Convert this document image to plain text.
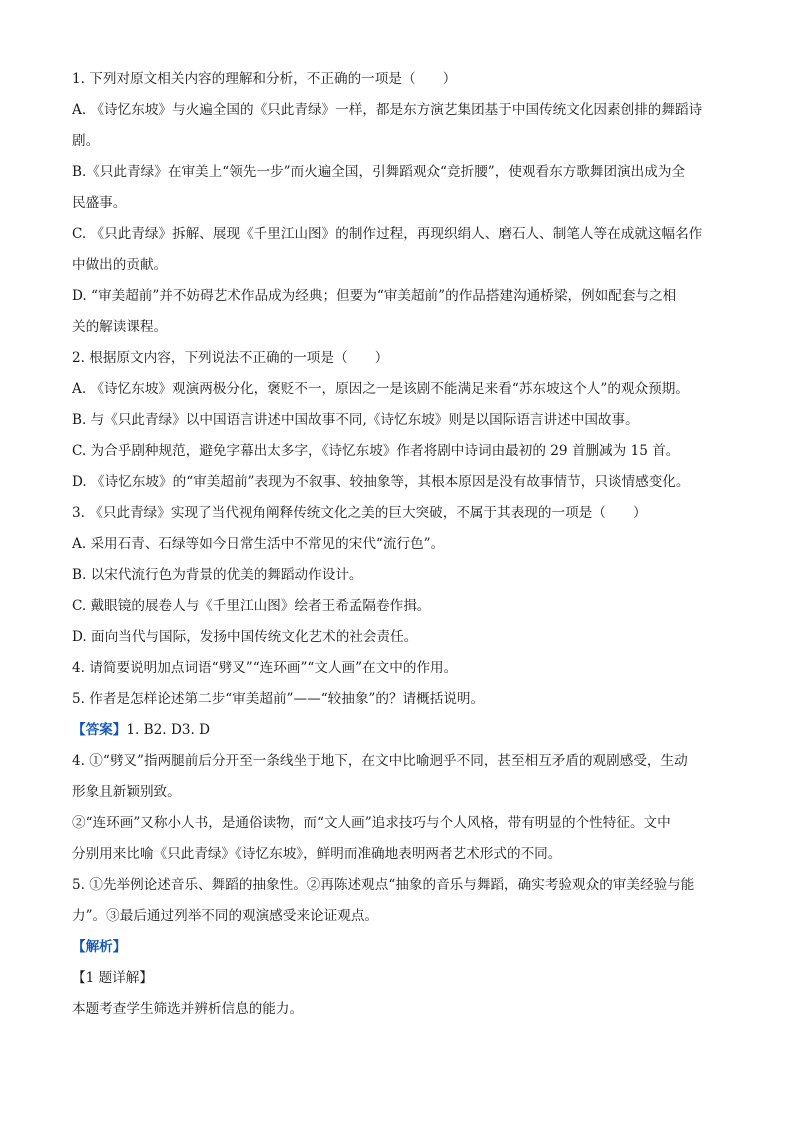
1. 下列对原文相关内容的理解和分析，不正确的一项是（　　）
A. 《诗忆东坡》与火遍全国的《只此青绿》一样，都是东方演艺集团基于中国传统文化因素创排的舞蹈诗
剧。
B.《只此青绿》在审美上“领先一步”而火遍全国，引舞蹈观众“竞折腰”，使观看东方歌舞团演出成为全
民盛事。
C. 《只此青绿》拆解、展现《千里江山图》的制作过程，再现织绢人、磨石人、制笔人等在成就这幅名作
中做出的贡献。
D. “审美超前”并不妨碍艺术作品成为经典；但要为“审美超前”的作品搭建沟通桥梁，例如配套与之相
关的解读课程。
2. 根据原文内容，下列说法不正确的一项是（　　）
A. 《诗忆东坡》观演两极分化，褒贬不一，原因之一是该剧不能满足来看“苏东坡这个人”的观众预期。
B. 与《只此青绿》以中国语言讲述中国故事不同,《诗忆东坡》则是以国际语言讲述中国故事。
C. 为合乎剧种规范，避免字幕出太多字，《诗忆东坡》作者将剧中诗词由最初的 29 首删减为 15 首。
D. 《诗忆东坡》的“审美超前”表现为不叙事、较抽象等，其根本原因是没有故事情节，只谈情感变化。
3. 《只此青绿》实现了当代视角阐释传统文化之美的巨大突破，不属于其表现的一项是（　　）
A. 采用石青、石绿等如今日常生活中不常见的宋代“流行色”。
B. 以宋代流行色为背景的优美的舞蹈动作设计。
C. 戴眼镜的展卷人与《千里江山图》绘者王希孟隔卷作揖。
D. 面向当代与国际，发扬中国传统文化艺术的社会责任。
4. 请简要说明加点词语“劈叉”“连环画”“文人画”在文中的作用。
5. 作者是怎样论述第二步“审美超前”——“较抽象”的？请概括说明。
【答案】1. B2. D3. D
4. ①“劈叉”指两腿前后分开至一条线坐于地下，在文中比喻迥乎不同，甚至相互矛盾的观剧感受，生动
形象且新颖别致。
②“连环画”又称小人书，是通俗读物，而“文人画”追求技巧与个人风格，带有明显的个性特征。文中
分别用来比喻《只此青绿》《诗忆东坡》，鲜明而准确地表明两者艺术形式的不同。
5. ①先举例论述音乐、舞蹈的抽象性。②再陈述观点“抽象的音乐与舞蹈，确实考验观众的审美经验与能
力”。③最后通过列举不同的观演感受来论证观点。
【解析】
【1 题详解】
本题考查学生筛选并辨析信息的能力。
